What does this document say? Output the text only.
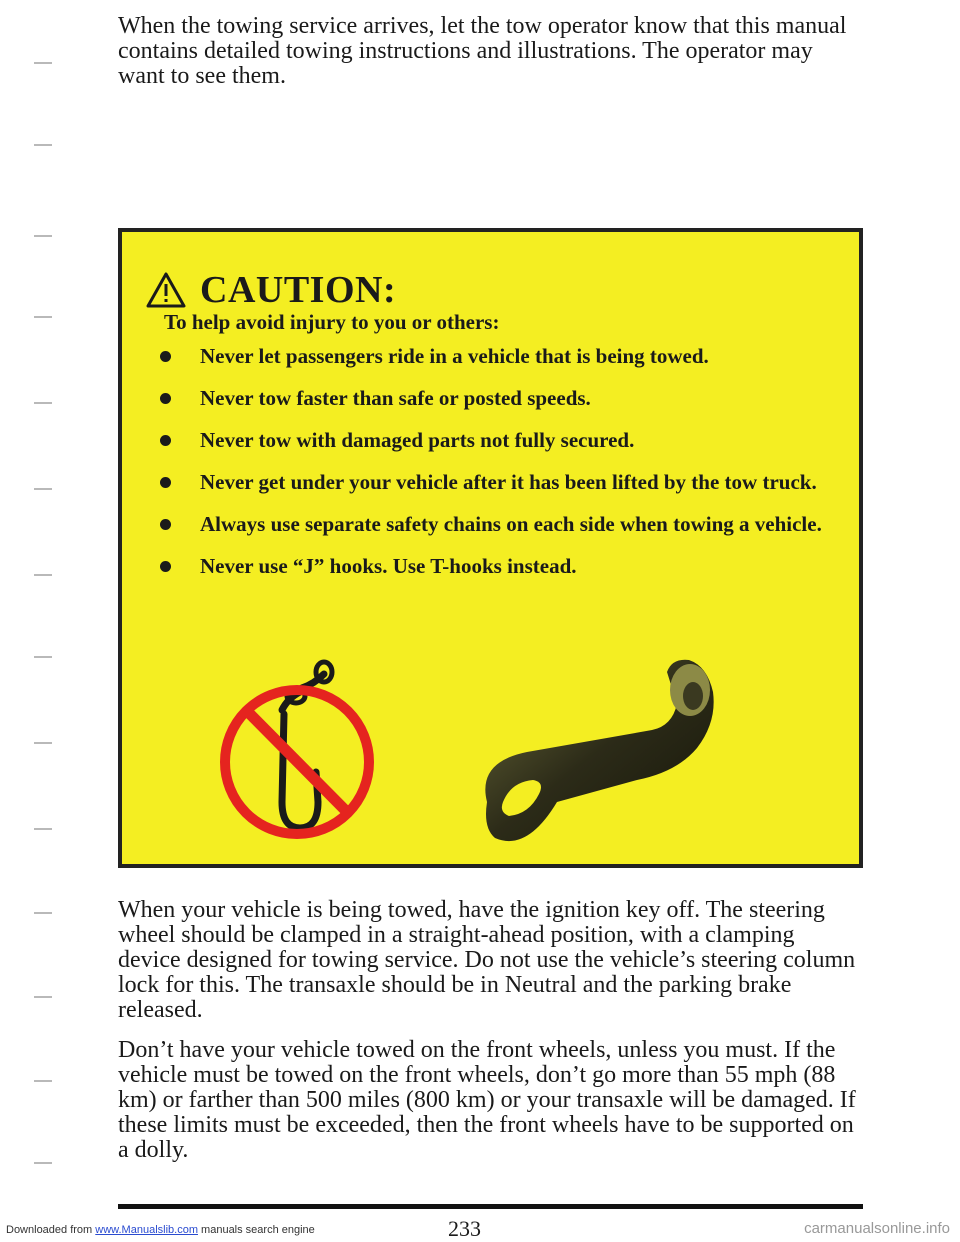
When the towing service arrives, let the tow operator know that this manual contains detailed towing instructions and illustrations. The operator may want to see them.

CAUTION:
To help avoid injury to you or others:
Never let passengers ride in a vehicle that is being towed.
Never tow faster than safe or posted speeds.
Never tow with damaged parts not fully secured.
Never get under your vehicle after it has been lifted by the tow truck.
Always use separate safety chains on each side when towing a vehicle.
Never use “J” hooks. Use T-hooks instead.

When your vehicle is being towed, have the ignition key off. The steering wheel should be clamped in a straight-ahead position, with a clamping device designed for towing service. Do not use the vehicle’s steering column lock for this. The transaxle should be in Neutral and the parking brake released.

Don’t have your vehicle towed on the front wheels, unless you must. If the vehicle must be towed on the front wheels, don’t go more than 55 mph (88 km) or farther than 500 miles (800 km) or your transaxle will be damaged. If these limits must be exceeded, then the front wheels have to be supported on a dolly.

Downloaded from www.Manualslib.com manuals search engine	233	carmanualsonline.info
